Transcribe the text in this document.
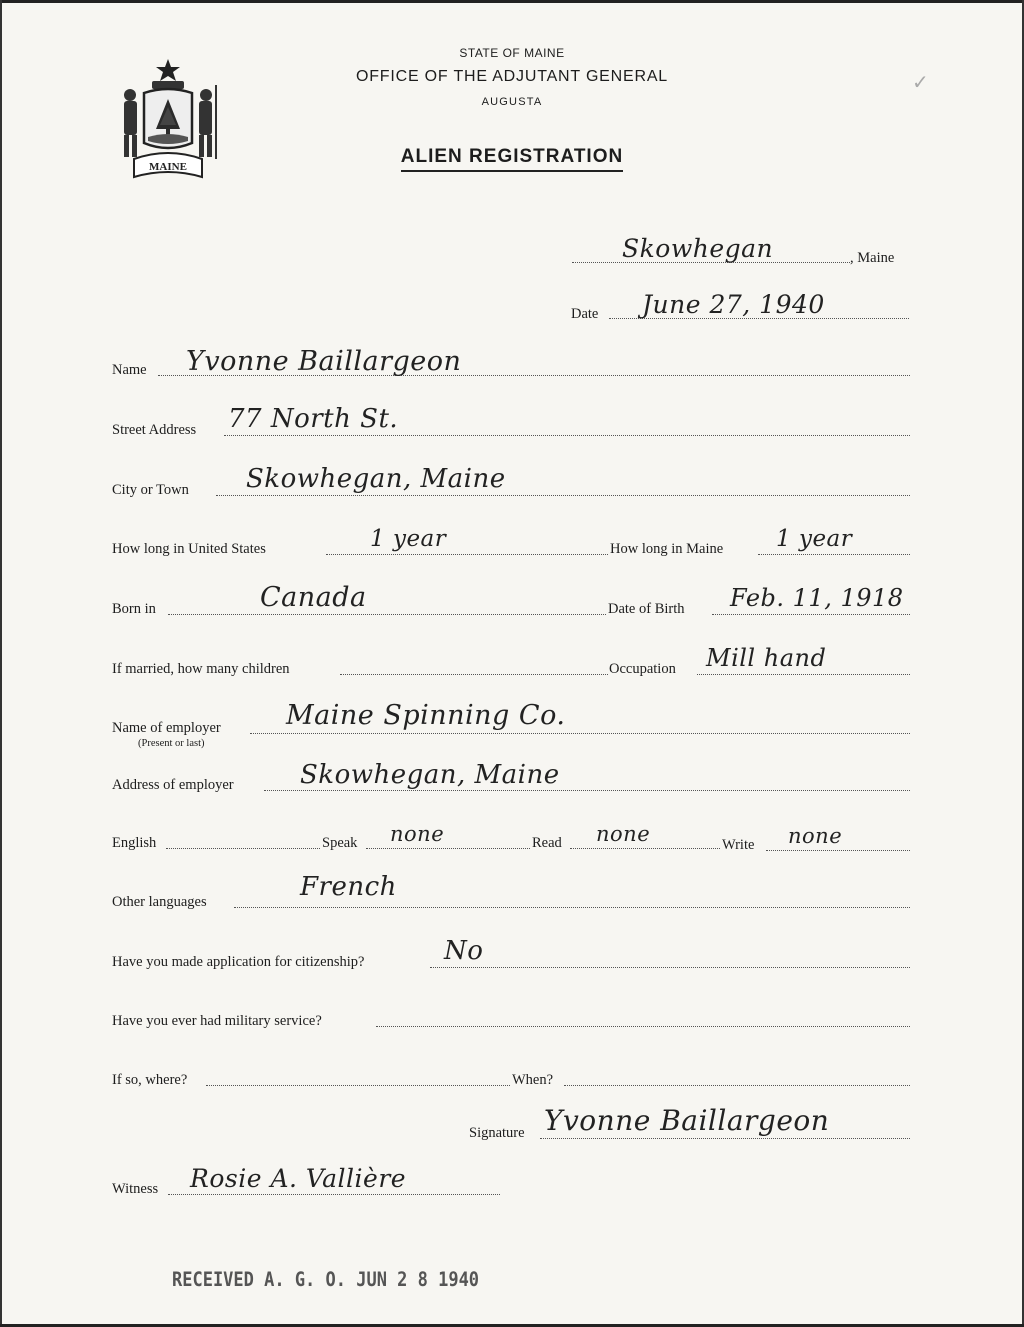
✓
MAINE
STATE OF MAINE
OFFICE OF THE ADJUTANT GENERAL
AUGUSTA
ALIEN REGISTRATION
Skowhegan	, Maine
Date June 27, 1940
Name Yvonne Baillargeon
Street Address 77 North St.
City or Town Skowhegan, Maine
How long in United States	1 year	How long in Maine 1 year
Born in	Canada	Date of Birth Feb. 11, 1918
If married, how many children	Occupation Mill hand
Name of employer
(Present or last)
Maine Spinning Co.
Address of employer	Skowhegan, Maine
English	Speak none	Read none	Write none
Other languages	French
Have you made application for citizenship?	No
Have you ever had military service?
If so, where?	When?
Signature Yvonne Baillargeon
Witness Rosie A. Vallière
RECEIVED A. G. O. JUN 2 8 1940
